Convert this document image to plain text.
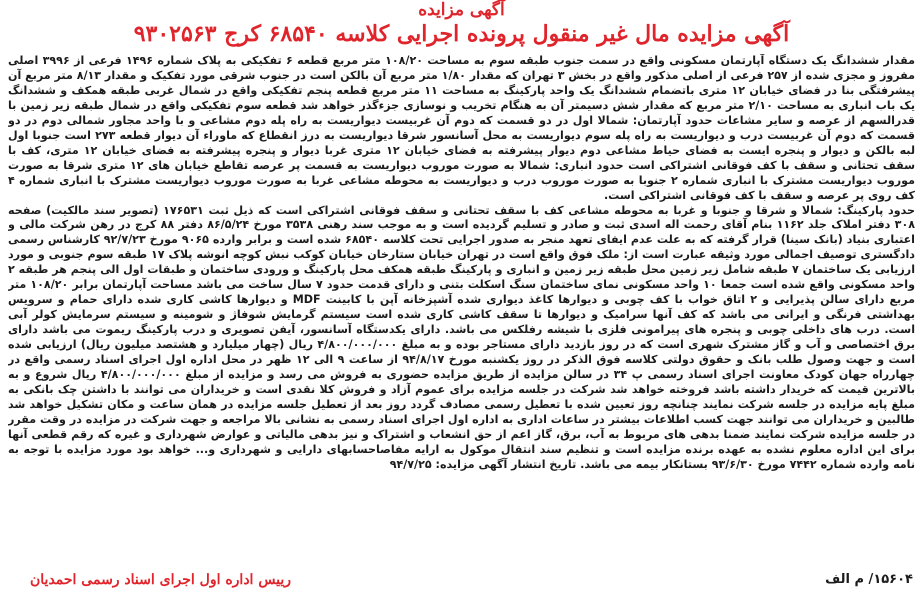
آگهی مزایده
آگهی مزایده مال غیر منقول پرونده اجرایی کلاسه ۶۸۵۴۰ کرج ۹۳۰۲۵۶۳

مقدار ششدانگ یک دستگاه آپارتمان مسکونی واقع در سمت جنوب طبقه سوم به مساحت ۱۰۸/۲۰ متر مربع قطعه ۶ تفکیکی به پلاک شماره ۱۴۹۶ فرعی از ۳۹۹۶ اصلی مفروز و مجزی شده از ۲۵۷ فرعی از اصلی مذکور واقع در بخش ۳ تهران که مقدار ۱/۸۰ متر مربع آن بالکن است در جنوب شرقی مورد تفکیک و مقدار ۸/۱۳ متر مربع آن پیشرفتگی بنا در فضای خیابان ۱۲ متری باتضمام ششدانگ یک واحد پارکینگ به مساحت ۱۱ متر مربع قطعه پنجم تفکیکی واقع در شمال غربی طبقه همکف و ششدانگ یک باب انباری به مساحت ۲/۱۰ متر مربع که مقدار شش دسیمتر آن به هنگام تخریب و نوسازی جزءگذر خواهد شد قطعه سوم تفکیکی واقع در شمال طبقه زیر زمین با قدرالسهم از عرصه و سایر مشاعات حدود آپارتمان: شمالا اول در دو قسمت که دوم آن غربیست دیواریست به راه پله دوم مشاعی و با واحد مجاور شمالی دوم در دو قسمت که دوم آن غربیست درب و دیواریست به راه پله سوم دیواریست به محل آسانسور شرقا دیواریست به درز انقطاع که ماوراء آن دیوار قطعه ۲۷۳ است جنوبا اول لبه بالکن و دیوار و پنجره ایست به فضای حیاط مشاعی دوم دیوار پیشرفته به فضای خیابان ۱۲ متری غربا دیوار و پنجره پیشرفته به فضای خیابان ۱۲ متری، کف با سقف تحتانی و سقف با کف فوقانی اشتراکی است حدود انباری: شمالا به صورت موروب دیواریست به قسمت پر عرصه تقاطع خیابان های ۱۲ متری شرقا به صورت موروب دیواریست مشترک با انباری شماره ۲ جنوبا به صورت موروب درب و دیواریست به محوطه مشاعی غربا به صورت موروب دیواریست مشترک با انباری شماره ۴ کف روی پر عرصه و سقف با کف فوقانی اشتراکی است.

حدود پارکینگ: شمالا و شرقا و جنوبا و غربا به محوطه مشاعی کف با سقف تحتانی و سقف فوقانی اشتراکی است که ذیل ثبت ۱۷۶۵۳۱ (تصویر سند مالکیت) صفحه ۳۰۸ دفتر املاک جلد ۱۱۶۲ بنام آقای رحمت اله اسدی ثبت و صادر و تسلیم گردیده است و به موجب سند رهنی ۳۵۳۸ مورخ ۸۶/۵/۲۴ دفتر ۸۸ کرج در رهن شرکت مالی و اعتباری بنیاد (بانک سینا) قرار گرفته که به علت عدم ایفای تعهد منجر به صدور اجرایی تحت کلاسه ۶۸۵۴۰ شده است و برابر وارده ۹۰۶۵ مورخ ۹۲/۷/۲۳ کارشناس رسمی دادگستری توصیف اجمالی مورد وثیقه عبارت است از: ملک فوق واقع است در تهران خیابان ستارخان خیابان کوکب نبش کوچه انوشه پلاک ۱۷ طبقه سوم جنوبی و مورد ارزیابی یک ساختمان ۷ طبقه شامل زیر زمین محل طبقه زیر زمین و انباری و پارکینگ طبقه همکف محل پارکینگ و ورودی ساختمان و طبقات اول الی پنجم هر طبقه ۲ واحد مسکونی واقع شده است جمعا ۱۰ واحد مسکونی نمای ساختمان سنگ اسکلت بتنی و دارای قدمت حدود ۷ سال ساخت می باشد مساحت آپارتمان برابر ۱۰۸/۲۰ متر مربع دارای سالن پذیرایی و ۲ اتاق خواب با کف چوبی و دیوارها کاغذ دیواری شده آشپزخانه آپن با کابینت MDF و دیوارها کاشی کاری شده دارای حمام و سرویس بهداشتی فرنگی و ایرانی می باشد که کف آنها سرامیک و دیوارها تا سقف کاشی کاری شده است سیستم گرمایش شوفاژ و شومینه و سیستم سرمایش کولر آبی است. درب های داخلی چوبی و پنجره های پیرامونی فلزی با شیشه رفلکس می باشد. دارای یکدستگاه آسانسور، آیفن تصویری و درب پارکینگ ریموت می باشد دارای برق اختصاصی و آب و گاز مشترک شهری است که در روز بازدید دارای مستاجر بوده و به مبلغ ۴/۸۰۰/۰۰۰/۰۰۰ ریال (چهار میلیارد و هشتصد میلیون ریال) ارزیابی شده است و جهت وصول طلب بانک و حقوق دولتی کلاسه فوق الذکر در روز یکشنبه مورخ ۹۴/۸/۱۷ از ساعت ۹ الی ۱۲ ظهر در محل اداره اول اجرای اسناد رسمی واقع در چهارراه جهان کودک معاونت اجرای اسناد رسمی پ ۳۴ در سالن مزایده از طریق مزایده حضوری به فروش می رسد و مزایده از مبلغ ۴/۸۰۰/۰۰۰/۰۰۰ ریال شروع و به بالاترین قیمت که خریدار داشته باشد فروخته خواهد شد شرکت در جلسه مزایده برای عموم آزاد و فروش کلا نقدی است و خریداران می توانند با داشتن چک بانکی به مبلغ پایه مزایده در جلسه شرکت نمایند چنانچه روز تعیین شده با تعطیل رسمی مصادف گردد روز بعد از تعطیل جلسه مزایده در همان ساعت و مکان تشکیل خواهد شد طالبین و خریداران می توانند جهت کسب اطلاعات بیشتر در ساعات اداری به اداره اول اجرای اسناد رسمی به نشانی بالا مراجعه و جهت شرکت در مزایده در وقت مقرر در جلسه مزایده شرکت نمایند ضمنا بدهی های مربوط به آب، برق، گاز اعم از حق انشعاب و اشتراک و نیز بدهی مالیاتی و عوارض شهرداری و غیره که رقم قطعی آنها برای این اداره معلوم نشده به عهده برنده مزایده است و تنظیم سند انتقال موکول به ارایه مفاصاحسابهای دارایی و شهرداری و... خواهد بود مورد مزایده با توجه به نامه وارده شماره ۷۴۴۲ مورخ ۹۳/۶/۳۰ بستانکار بیمه می باشد. تاریخ انتشار آگهی مزایده: ۹۴/۷/۲۵

رییس اداره اول اجرای اسناد رسمی احمدیان	۱۵۶۰۴/ م الف
